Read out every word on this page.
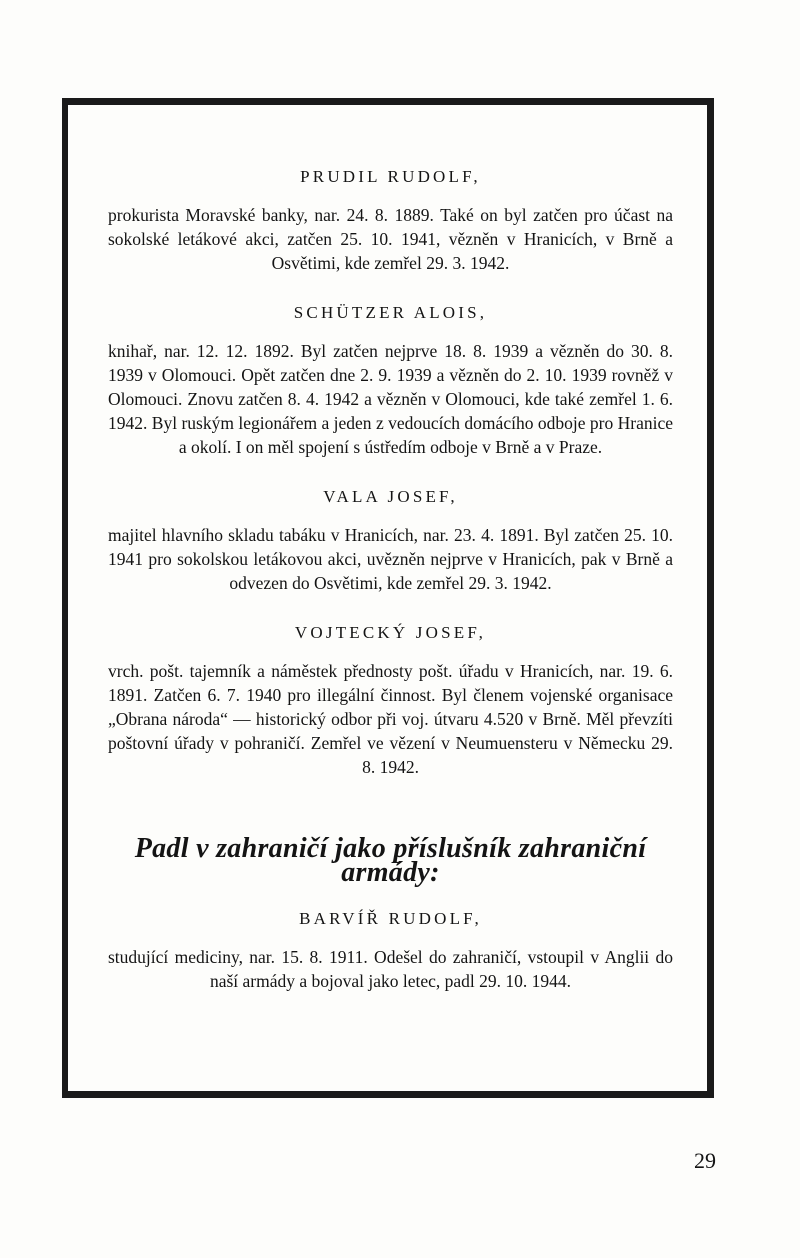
PRUDIL RUDOLF,

prokurista Moravské banky, nar. 24. 8. 1889. Také on byl zatčen pro účast na sokolské letákové akci, zatčen 25. 10. 1941, vězněn v Hranicích, v Brně a Osvětimi, kde zemřel 29. 3. 1942.

SCHÜTZER ALOIS,

knihař, nar. 12. 12. 1892. Byl zatčen nejprve 18. 8. 1939 a vězněn do 30. 8. 1939 v Olomouci. Opět zatčen dne 2. 9. 1939 a vězněn do 2. 10. 1939 rovněž v Olomouci. Znovu zatčen 8. 4. 1942 a vězněn v Olomouci, kde také zemřel 1. 6. 1942. Byl ruským legionářem a jeden z vedoucích domácího odboje pro Hranice a okolí. I on měl spojení s ústředím odboje v Brně a v Praze.

VALA JOSEF,

majitel hlavního skladu tabáku v Hranicích, nar. 23. 4. 1891. Byl zatčen 25. 10. 1941 pro sokolskou letákovou akci, uvězněn nejprve v Hranicích, pak v Brně a odvezen do Osvětimi, kde zemřel 29. 3. 1942.

VOJTECKÝ JOSEF,

vrch. pošt. tajemník a náměstek přednosty pošt. úřadu v Hranicích, nar. 19. 6. 1891. Zatčen 6. 7. 1940 pro illegální činnost. Byl členem vojenské organisace „Obrana národa“ — historický odbor při voj. útvaru 4.520 v Brně. Měl převzíti poštovní úřady v pohraničí. Zemřel ve vězení v Neumuensteru v Německu 29. 8. 1942.

Padl v zahraničí jako příslušník zahraniční armády:

BARVÍŘ RUDOLF,

studující mediciny, nar. 15. 8. 1911. Odešel do zahraničí, vstoupil v Anglii do naší armády a bojoval jako letec, padl 29. 10. 1944.

29
